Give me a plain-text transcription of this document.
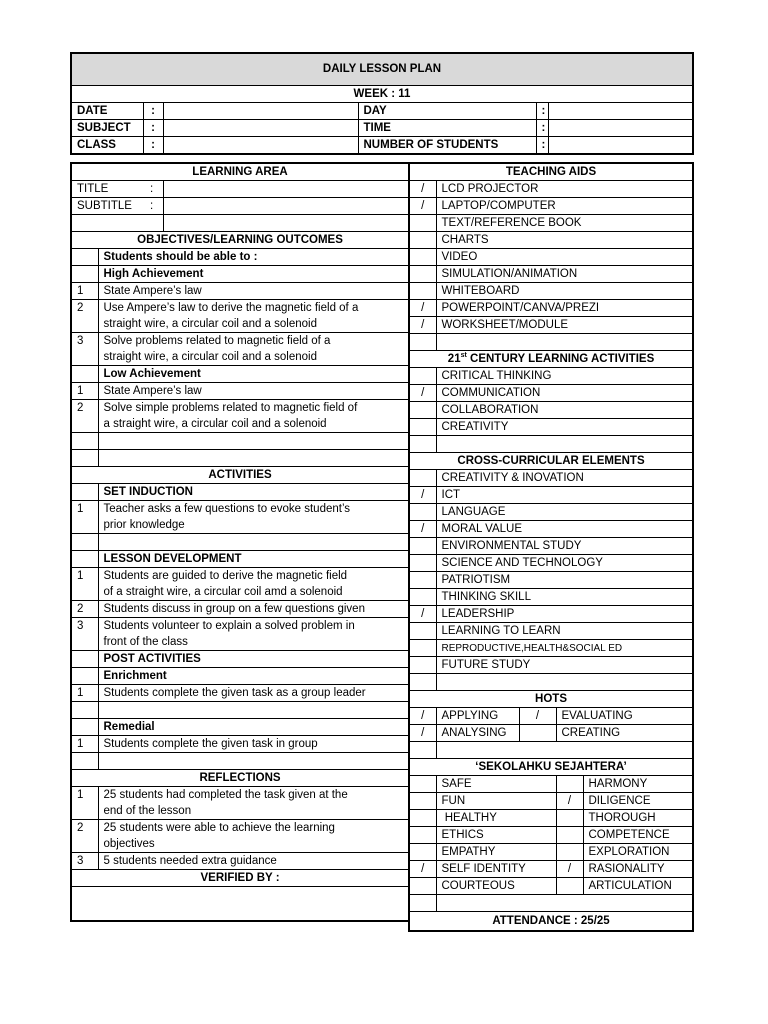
DAILY LESSON PLAN					
WEEK : 11					
DATE	:		DAY	:	
SUBJECT	:		TIME	:	
CLASS	:		NUMBER OF STUDENTS	:	
LEARNING AREA		
TITLE :		

SUBTITLE :		

OBJECTIVES/LEARNING OUTCOMES		
	Students should be able to :	
	High Achievement	
1	State Ampere’s law	
2	Use Ampere’s law to derive the magnetic field of a	
	straight wire, a circular coil and a solenoid	
3	Solve problems related to magnetic field of a	
	straight wire, a circular coil and a solenoid	
	Low Achievement	
1	State Ampere’s law	
2	Solve simple problems related to magnetic field of	
	a straight wire, a circular coil and a solenoid	

ACTIVITIES		
	SET INDUCTION	
1	Teacher asks a few questions to evoke student’s	
	prior knowledge	

	LESSON DEVELOPMENT	
1	Students are guided to derive the magnetic field	
	of a straight wire, a circular coil amd a solenoid	
2	Students discuss in group on a few questions given	
3	Students volunteer to explain a solved problem in	
	front of the class	
	POST ACTIVITIES	
	Enrichment	
1	Students complete the given task as a group leader	

	Remedial	
1	Students complete the given task in group	

REFLECTIONS		
1	25 students had completed the task given at the	
	end of the lesson	
2	25 students were able to achieve the learning	
	objectives	
3	5 students needed extra guidance	
VERIFIED BY :		

TEACHING AIDS				
/	LCD PROJECTOR			
/	LAPTOP/COMPUTER			
	TEXT/REFERENCE BOOK			
	CHARTS			
	VIDEO			
	SIMULATION/ANIMATION			
	WHITEBOARD			
/	POWERPOINT/CANVA/PREZI			
/	WORKSHEET/MODULE			

21st CENTURY LEARNING ACTIVITIES				
	CRITICAL THINKING			
/	COMMUNICATION			
	COLLABORATION			
	CREATIVITY			

CROSS-CURRICULAR ELEMENTS				
	CREATIVITY & INOVATION			
/	ICT			
	LANGUAGE			
/	MORAL VALUE			
	ENVIRONMENTAL STUDY			
	SCIENCE AND TECHNOLOGY			
	PATRIOTISM			
	THINKING SKILL			
/	LEADERSHIP			
	LEARNING TO LEARN			
	REPRODUCTIVE,HEALTH&SOCIAL ED			
	FUTURE STUDY			

HOTS				
/	APPLYING	/	EVALUATING	
/	ANALYSING		CREATING	

‘SEKOLAHKU SEJAHTERA’				
	SAFE			HARMONY
	FUN		/	DILIGENCE
	HEALTHY			THOROUGH
	ETHICS			COMPETENCE
	EMPATHY			EXPLORATION
/	SELF IDENTITY		/	RASIONALITY
	COURTEOUS			ARTICULATION

ATTENDANCE : 25/25				
